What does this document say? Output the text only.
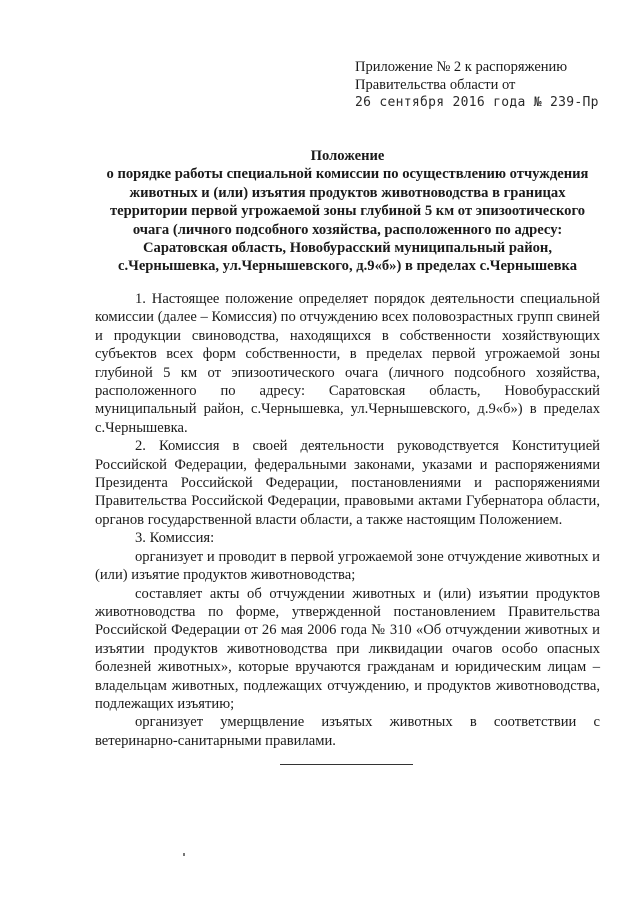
Приложение № 2 к распоряжению
Правительства области от
26 сентября 2016 года № 239-Пр
Положение
о порядке работы специальной комиссии по осуществлению отчуждения
животных и (или) изъятия продуктов животноводства в границах
территории первой угрожаемой зоны глубиной 5 км от эпизоотического
очага (личного подсобного хозяйства, расположенного по адресу:
Саратовская область, Новобурасский муниципальный район,
с.Чернышевка, ул.Чернышевского, д.9«б») в пределах с.Чернышевка

1. Настоящее положение определяет порядок деятельности специальной комиссии (далее – Комиссия) по отчуждению всех половозрастных групп свиней и продукции свиноводства, находящихся в собственности хозяйствующих субъектов всех форм собственности, в пределах первой угрожаемой зоны глубиной 5 км от эпизоотического очага (личного подсобного хозяйства, расположенного по адресу: Саратовская область, Новобурасский муниципальный район, с.Чернышевка, ул.Чернышевского, д.9«б») в пределах с.Чернышевка.

2. Комиссия в своей деятельности руководствуется Конституцией Российской Федерации, федеральными законами, указами и распоряжениями Президента Российской Федерации, постановлениями и распоряжениями Правительства Российской Федерации, правовыми актами Губернатора области, органов государственной власти области, а также настоящим Положением.

3. Комиссия:

организует и проводит в первой угрожаемой зоне отчуждение животных и (или) изъятие продуктов животноводства;

составляет акты об отчуждении животных и (или) изъятии продуктов животноводства по форме, утвержденной постановлением Правительства Российской Федерации от 26 мая 2006 года № 310 «Об отчуждении животных и изъятии продуктов животноводства при ликвидации очагов особо опасных болезней животных», которые вручаются гражданам и юридическим лицам – владельцам животных, подлежащих отчуждению, и продуктов животноводства, подлежащих изъятию;

организует умерщвление изъятых животных в соответствии с ветеринарно-санитарными правилами.
